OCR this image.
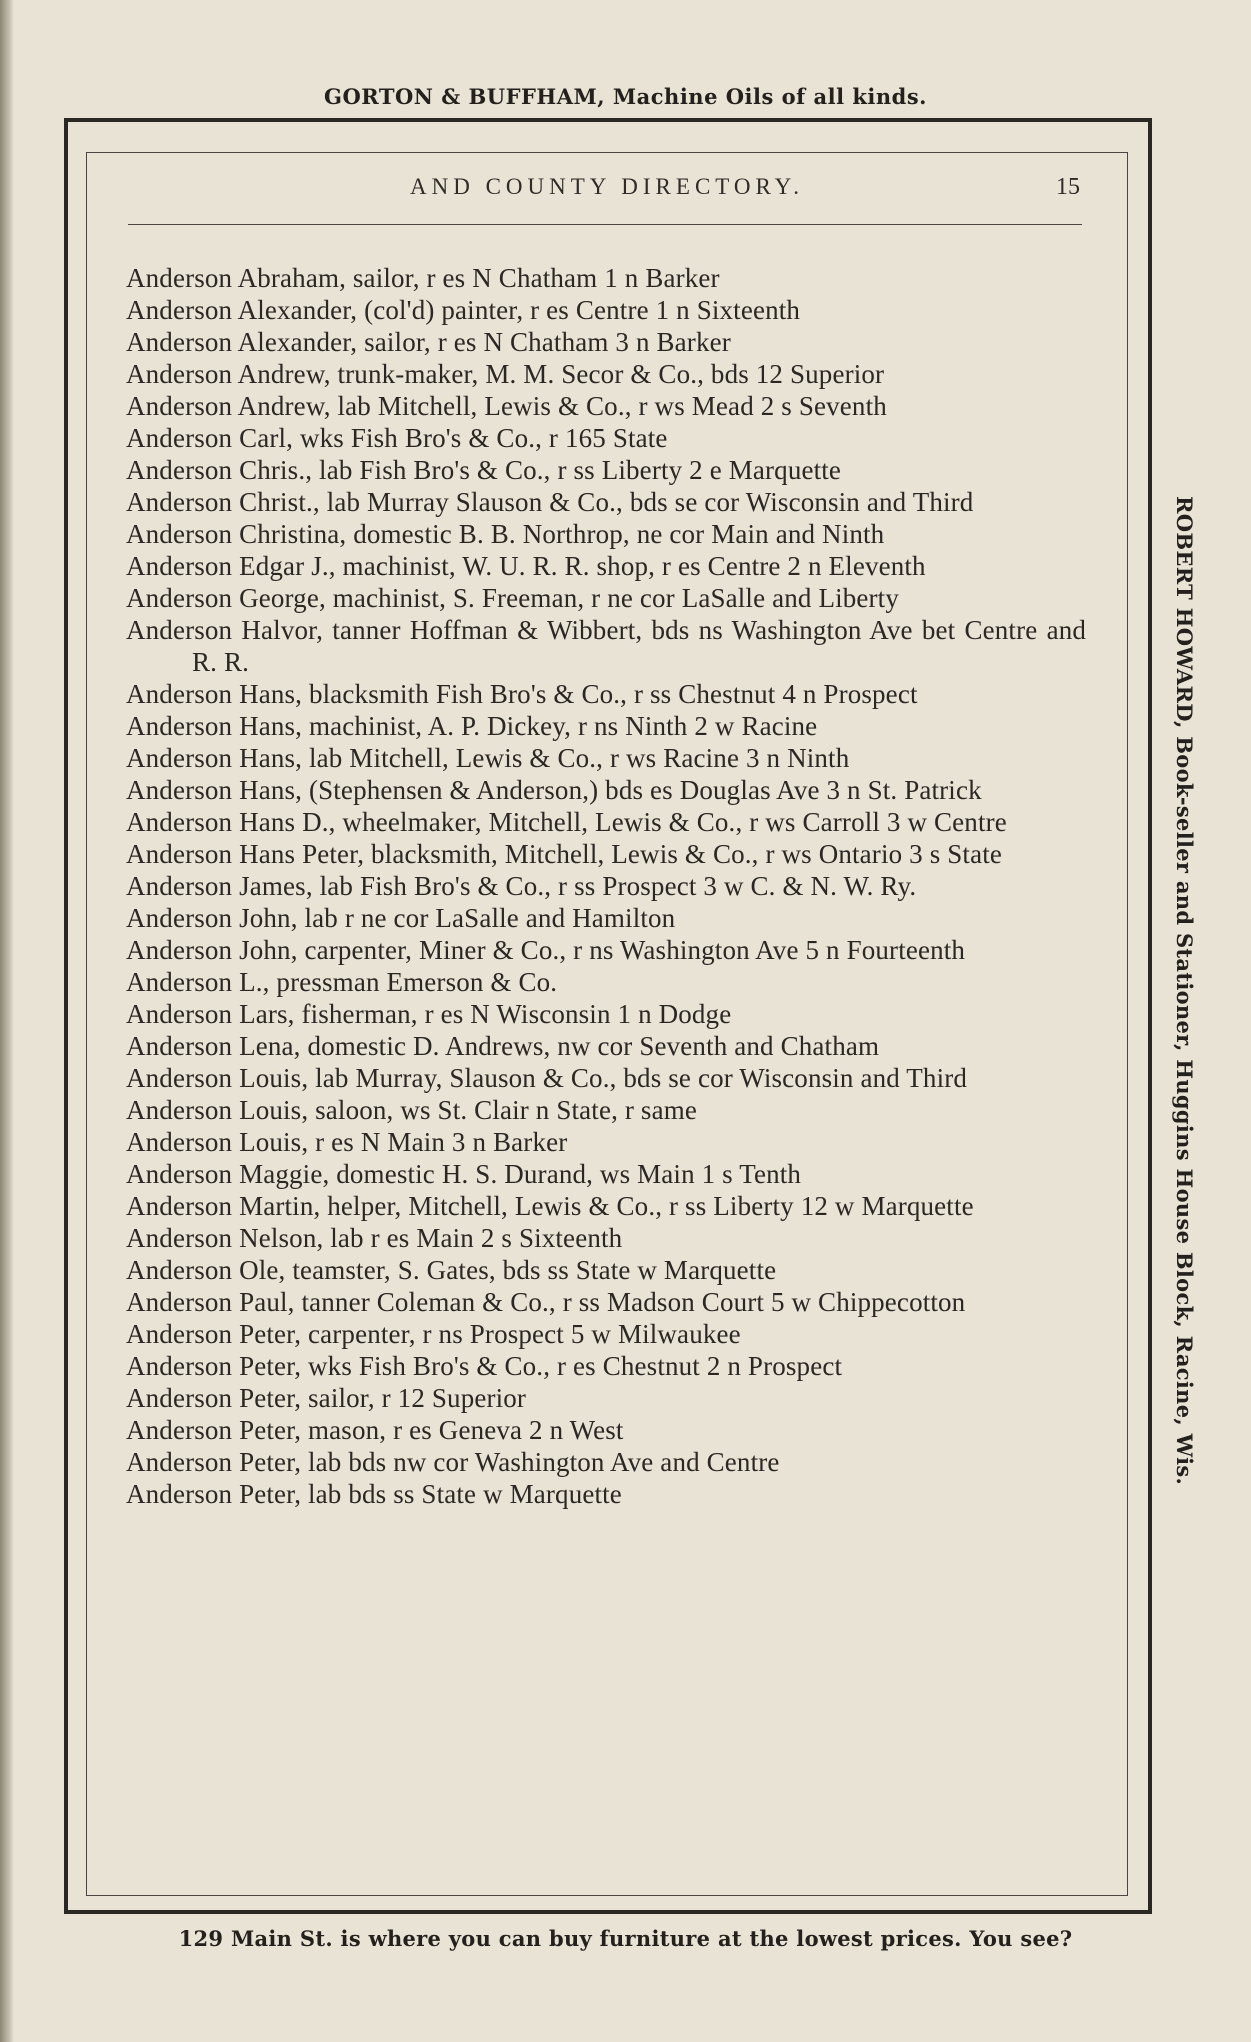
GORTON & BUFFHAM, Machine Oils of all kinds.
AND COUNTY DIRECTORY.	15
Anderson Abraham, sailor, r es N Chatham 1 n Barker
Anderson Alexander, (col'd) painter, r es Centre 1 n Sixteenth
Anderson Alexander, sailor, r es N Chatham 3 n Barker
Anderson Andrew, trunk-maker, M. M. Secor & Co., bds 12 Superior
Anderson Andrew, lab Mitchell, Lewis & Co., r ws Mead 2 s Seventh
Anderson Carl, wks Fish Bro's & Co., r 165 State
Anderson Chris., lab Fish Bro's & Co., r ss Liberty 2 e Marquette
Anderson Christ., lab Murray Slauson & Co., bds se cor Wisconsin and Third
Anderson Christina, domestic B. B. Northrop, ne cor Main and Ninth
Anderson Edgar J., machinist, W. U. R. R. shop, r es Centre 2 n Eleventh
Anderson George, machinist, S. Freeman, r ne cor LaSalle and Liberty
Anderson Halvor, tanner Hoffman & Wibbert, bds ns Washington Ave bet Centre and R. R.
Anderson Hans, blacksmith Fish Bro's & Co., r ss Chestnut 4 n Prospect
Anderson Hans, machinist, A. P. Dickey, r ns Ninth 2 w Racine
Anderson Hans, lab Mitchell, Lewis & Co., r ws Racine 3 n Ninth
Anderson Hans, (Stephensen & Anderson,) bds es Douglas Ave 3 n St. Patrick
Anderson Hans D., wheelmaker, Mitchell, Lewis & Co., r ws Carroll 3 w Centre
Anderson Hans Peter, blacksmith, Mitchell, Lewis & Co., r ws Ontario 3 s State
Anderson James, lab Fish Bro's & Co., r ss Prospect 3 w C. & N. W. Ry.
Anderson John, lab r ne cor LaSalle and Hamilton
Anderson John, carpenter, Miner & Co., r ns Washington Ave 5 n Fourteenth
Anderson L., pressman Emerson & Co.
Anderson Lars, fisherman, r es N Wisconsin 1 n Dodge
Anderson Lena, domestic D. Andrews, nw cor Seventh and Chatham
Anderson Louis, lab Murray, Slauson & Co., bds se cor Wisconsin and Third
Anderson Louis, saloon, ws St. Clair n State, r same
Anderson Louis, r es N Main 3 n Barker
Anderson Maggie, domestic H. S. Durand, ws Main 1 s Tenth
Anderson Martin, helper, Mitchell, Lewis & Co., r ss Liberty 12 w Marquette
Anderson Nelson, lab r es Main 2 s Sixteenth
Anderson Ole, teamster, S. Gates, bds ss State w Marquette
Anderson Paul, tanner Coleman & Co., r ss Madson Court 5 w Chippecotton
Anderson Peter, carpenter, r ns Prospect 5 w Milwaukee
Anderson Peter, wks Fish Bro's & Co., r es Chestnut 2 n Prospect
Anderson Peter, sailor, r 12 Superior
Anderson Peter, mason, r es Geneva 2 n West
Anderson Peter, lab bds nw cor Washington Ave and Centre
Anderson Peter, lab bds ss State w Marquette
ROBERT HOWARD, Book-seller and Stationer, Huggins House Block, Racine, Wis.
129 Main St. is where you can buy furniture at the lowest prices. You see?
